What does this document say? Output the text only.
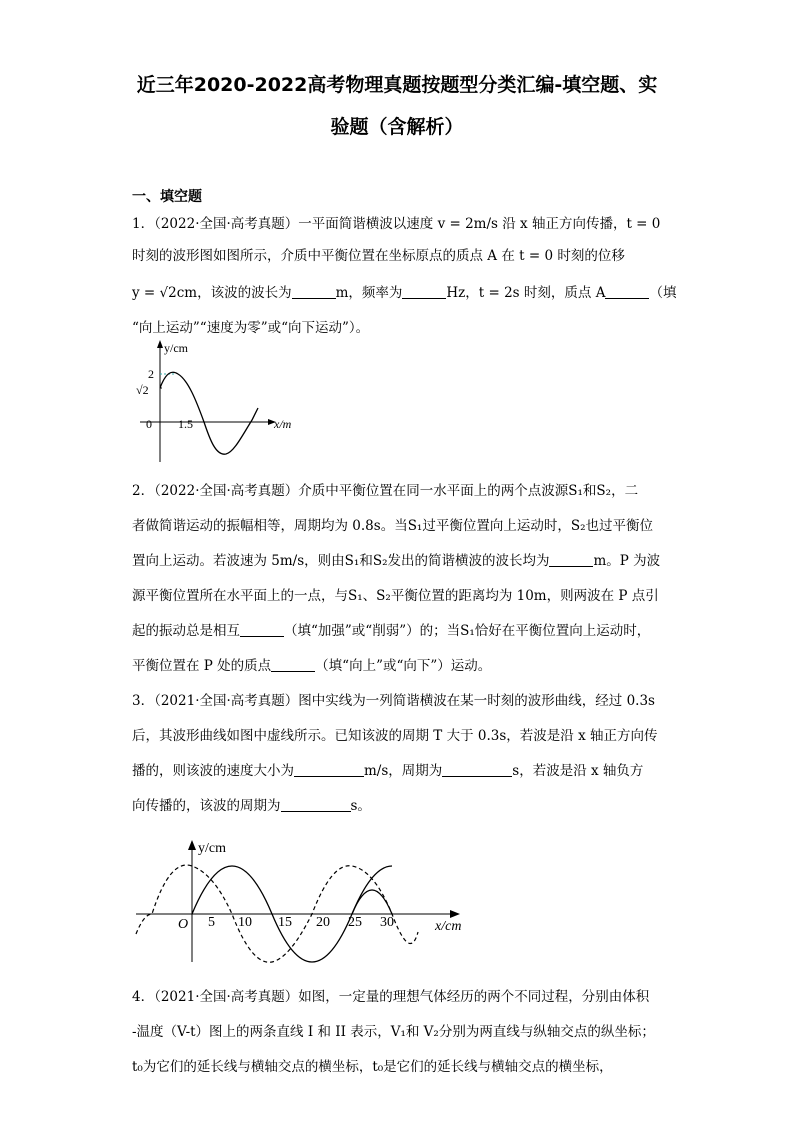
近三年2020-2022高考物理真题按题型分类汇编-填空题、实
验题（含解析）
一、填空题
1．（2022·全国·高考真题）一平面简谐横波以速度 v = 2m/s 沿 x 轴正方向传播，t = 0
时刻的波形图如图所示，介质中平衡位置在坐标原点的质点 A 在 t = 0 时刻的位移
y = √2cm，该波的波长为	m，频率为	Hz，t = 2s 时刻，质点 A	（填
“向上运动”“速度为零”或“向下运动”）。
y/cm
2
√2
0 1.5	x/m
2．（2022·全国·高考真题）介质中平衡位置在同一水平面上的两个点波源S₁和S₂，二
者做简谐运动的振幅相等，周期均为 0.8s。当S₁过平衡位置向上运动时，S₂也过平衡位
置向上运动。若波速为 5m/s，则由S₁和S₂发出的简谐横波的波长均为	m。P 为波
源平衡位置所在水平面上的一点，与S₁、S₂平衡位置的距离均为 10m，则两波在 P 点引
起的振动总是相互	（填“加强”或“削弱”）的；当S₁恰好在平衡位置向上运动时，
平衡位置在 P 处的质点	（填“向上”或“向下”）运动。
3．（2021·全国·高考真题）图中实线为一列简谐横波在某一时刻的波形曲线，经过 0.3s
后，其波形曲线如图中虚线所示。已知该波的周期 T 大于 0.3s，若波是沿 x 轴正方向传
播的，则该波的速度大小为	m/s，周期为	s，若波是沿 x 轴负方
向传播的，该波的周期为	s。
y/cm
O 5 10 15 20 25 30	x/cm
4．（2021·全国·高考真题）如图，一定量的理想气体经历的两个不同过程，分别由体积
-温度（V-t）图上的两条直线 I 和 II 表示，V₁和 V₂分别为两直线与纵轴交点的纵坐标；
t₀为它们的延长线与横轴交点的横坐标，t₀是它们的延长线与横轴交点的横坐标，
